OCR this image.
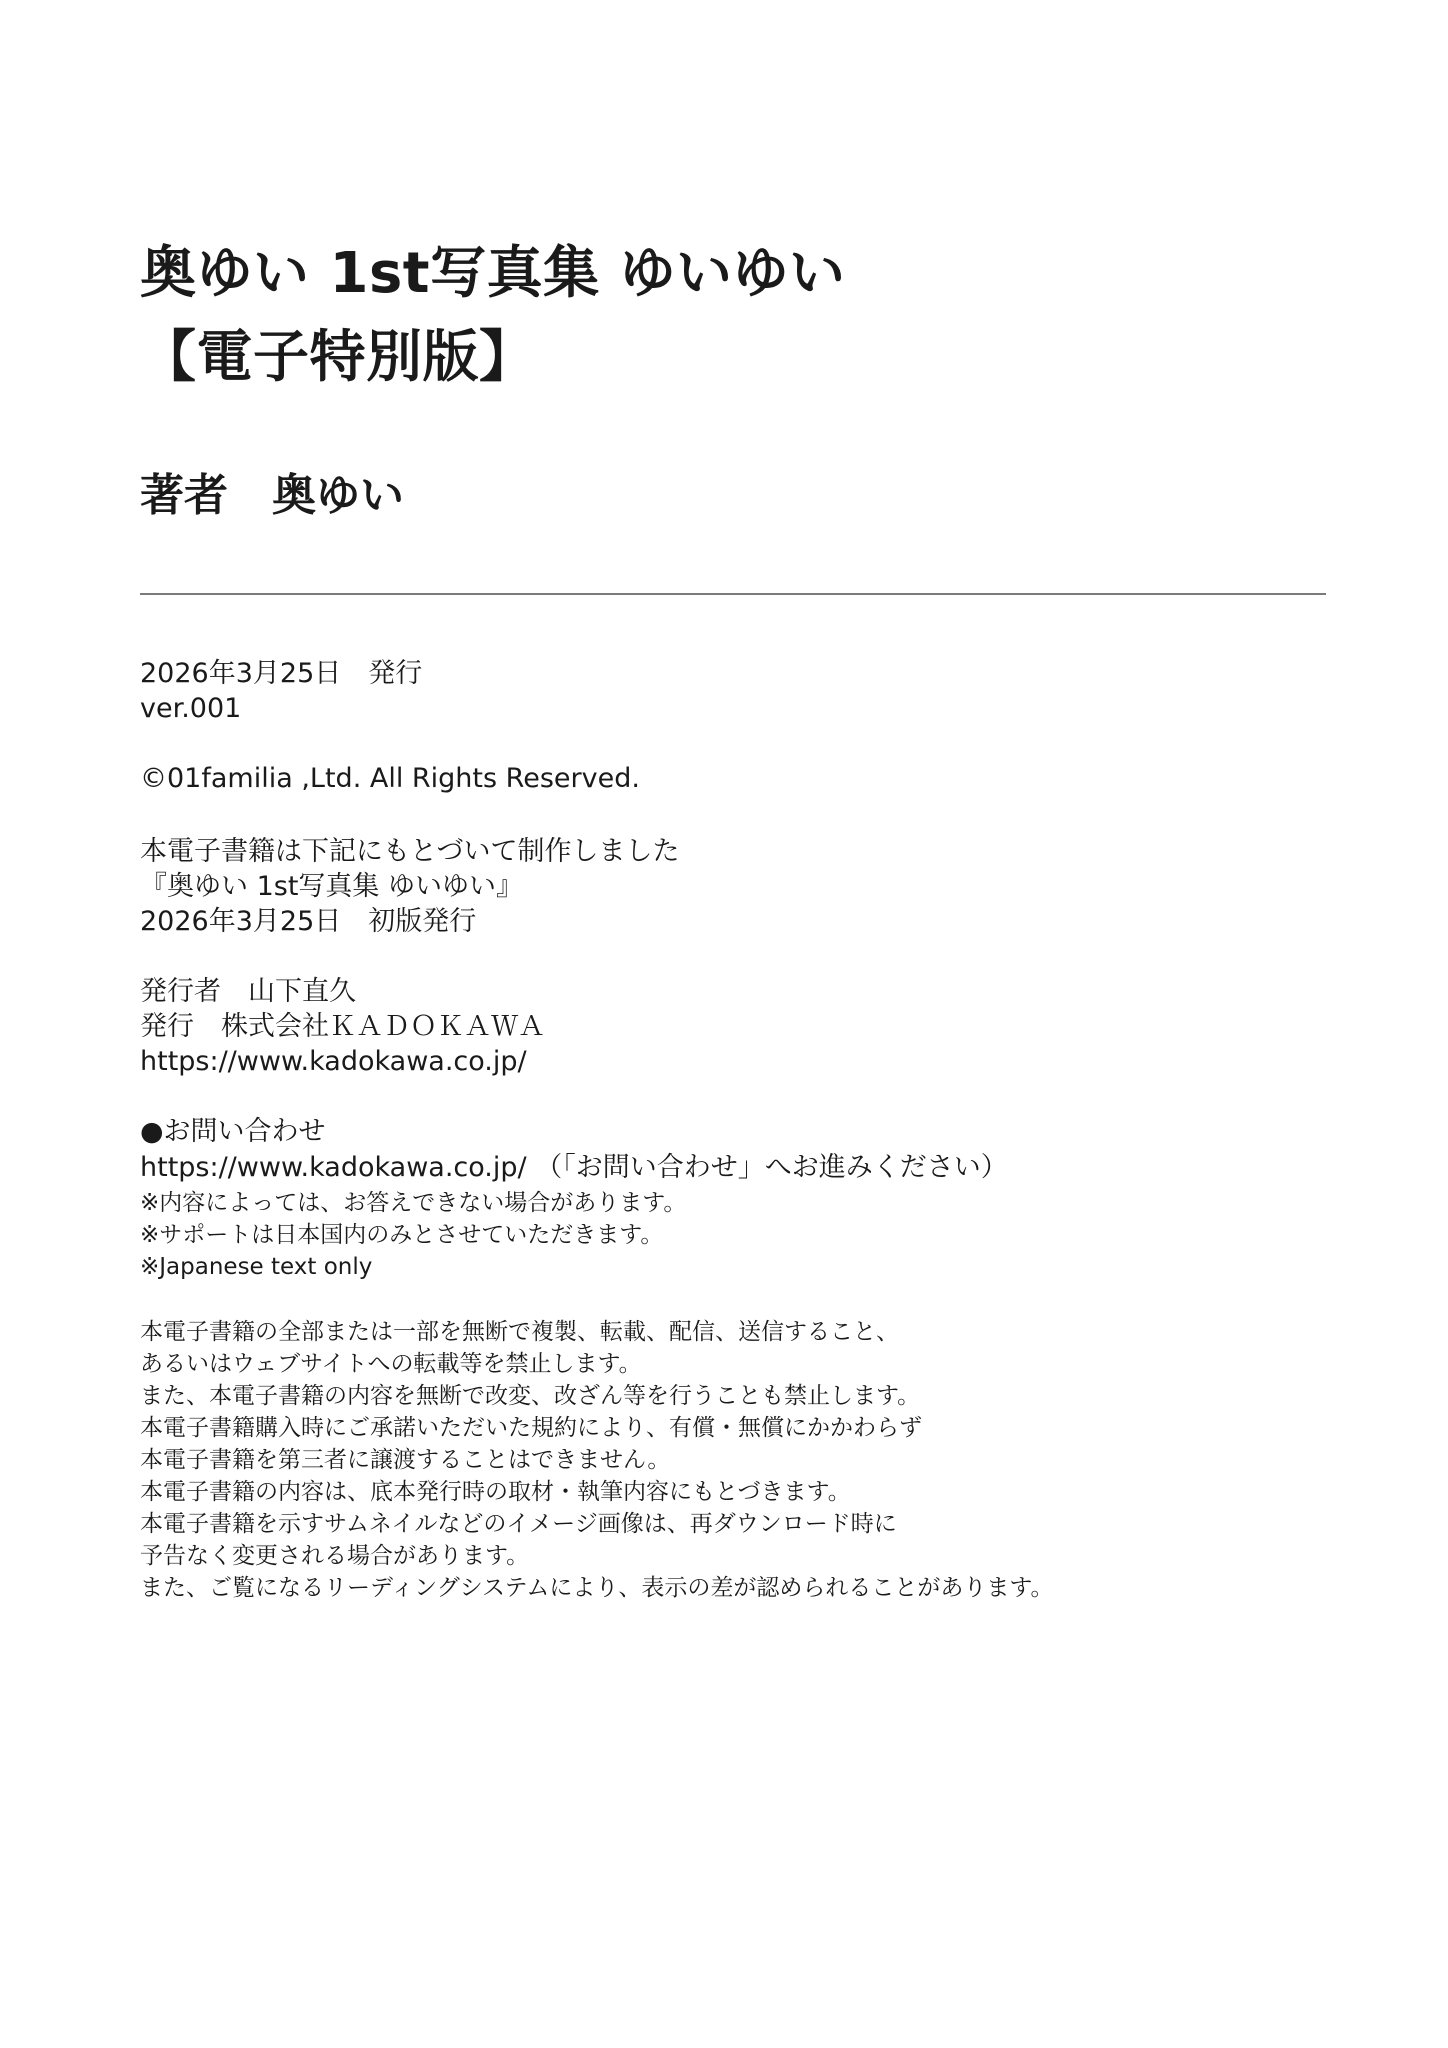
奥ゆい 1st写真集 ゆいゆい
【電子特別版】
著者　奥ゆい
2026年3月25日　発行
ver.001
©01familia ,Ltd. All Rights Reserved.
本電子書籍は下記にもとづいて制作しました
『奥ゆい 1st写真集 ゆいゆい』
2026年3月25日　初版発行
発行者　山下直久
発行　株式会社ＫＡＤＯＫＡＷＡ
https://www.kadokawa.co.jp/
●お問い合わせ
https://www.kadokawa.co.jp/ （「お問い合わせ」へお進みください）
※内容によっては、お答えできない場合があります。
※サポートは日本国内のみとさせていただきます。
※Japanese text only
本電子書籍の全部または一部を無断で複製、転載、配信、送信すること、
あるいはウェブサイトへの転載等を禁止します。
また、本電子書籍の内容を無断で改変、改ざん等を行うことも禁止します。
本電子書籍購入時にご承諾いただいた規約により、有償・無償にかかわらず
本電子書籍を第三者に譲渡することはできません。
本電子書籍の内容は、底本発行時の取材・執筆内容にもとづきます。
本電子書籍を示すサムネイルなどのイメージ画像は、再ダウンロード時に
予告なく変更される場合があります。
また、ご覧になるリーディングシステムにより、表示の差が認められることがあります。
